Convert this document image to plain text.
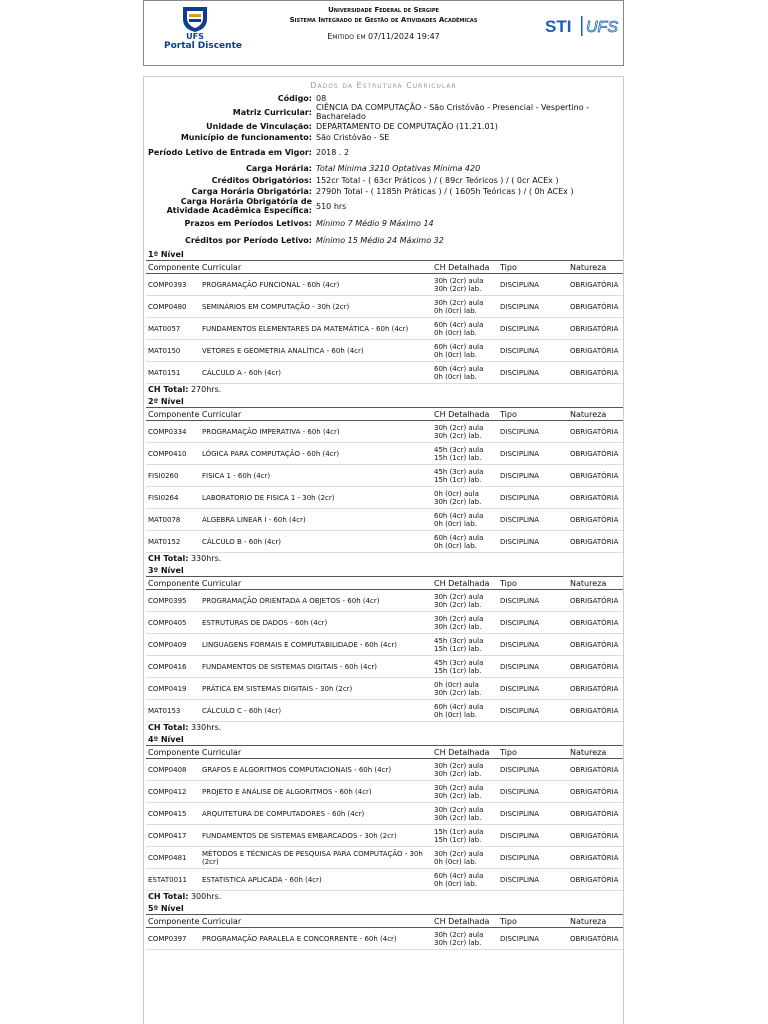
UFS
Portal Discente
Universidade Federal de Sergipe
Sistema Integrado de Gestão de Atividades Acadêmicas
Emitido em 07/11/2024 19:47
STI UFS
Dados da Estrutura Curricular
Código:	08
Matriz Curricular:	CIÊNCIA DA COMPUTAÇÃO - São Cristóvão - Presencial - Vespertino - Bacharelado
Unidade de Vinculação:	DEPARTAMENTO DE COMPUTAÇÃO (11.21.01)
Município de funcionamento:	São Cristóvão - SE
Período Letivo de Entrada em Vigor:	2018 . 2
Carga Horária:	Total Mínima 3210 Optativas Mínima 420
Créditos Obrigatórios:	152cr Total - ( 63cr Práticos ) / ( 89cr Teóricos ) / ( 0cr ACEx )
Carga Horária Obrigatória:	2790h Total - ( 1185h Práticas ) / ( 1605h Teóricas ) / ( 0h ACEx )
Carga Horária Obrigatória de Atividade Acadêmica Específica:	510 hrs
Prazos em Períodos Letivos:	Mínimo 7 Médio 9 Máximo 14
Créditos por Período Letivo:	Mínimo 15 Médio 24 Máximo 32
1º Nível
Componente Curricular		CH Detalhada	Tipo	Natureza
COMP0393	PROGRAMAÇÃO FUNCIONAL - 60h (4cr)	30h (2cr) aula
30h (2cr) lab.	DISCIPLINA	OBRIGATÓRIA
COMP0480	SEMINÁRIOS EM COMPUTAÇÃO - 30h (2cr)	30h (2cr) aula
0h (0cr) lab.	DISCIPLINA	OBRIGATÓRIA
MAT0057	FUNDAMENTOS ELEMENTARES DA MATEMÁTICA - 60h (4cr)	60h (4cr) aula
0h (0cr) lab.	DISCIPLINA	OBRIGATÓRIA
MAT0150	VETORES E GEOMETRIA ANALÍTICA - 60h (4cr)	60h (4cr) aula
0h (0cr) lab.	DISCIPLINA	OBRIGATÓRIA
MAT0151	CÁLCULO A - 60h (4cr)	60h (4cr) aula
0h (0cr) lab.	DISCIPLINA	OBRIGATÓRIA
CH Total: 270hrs.
2º Nível
Componente Curricular		CH Detalhada	Tipo	Natureza
COMP0334	PROGRAMAÇÃO IMPERATIVA - 60h (4cr)	30h (2cr) aula
30h (2cr) lab.	DISCIPLINA	OBRIGATÓRIA
COMP0410	LÓGICA PARA COMPUTAÇÃO - 60h (4cr)	45h (3cr) aula
15h (1cr) lab.	DISCIPLINA	OBRIGATÓRIA
FISI0260	FISICA 1 - 60h (4cr)	45h (3cr) aula
15h (1cr) lab.	DISCIPLINA	OBRIGATÓRIA
FISI0264	LABORATORIO DE FISICA 1 - 30h (2cr)	0h (0cr) aula
30h (2cr) lab.	DISCIPLINA	OBRIGATÓRIA
MAT0078	ÁLGEBRA LINEAR I - 60h (4cr)	60h (4cr) aula
0h (0cr) lab.	DISCIPLINA	OBRIGATÓRIA
MAT0152	CÁLCULO B - 60h (4cr)	60h (4cr) aula
0h (0cr) lab.	DISCIPLINA	OBRIGATÓRIA
CH Total: 330hrs.
3º Nível
Componente Curricular		CH Detalhada	Tipo	Natureza
COMP0395	PROGRAMAÇÃO ORIENTADA A OBJETOS - 60h (4cr)	30h (2cr) aula
30h (2cr) lab.	DISCIPLINA	OBRIGATÓRIA
COMP0405	ESTRUTURAS DE DADOS - 60h (4cr)	30h (2cr) aula
30h (2cr) lab.	DISCIPLINA	OBRIGATÓRIA
COMP0409	LINGUAGENS FORMAIS E COMPUTABILIDADE - 60h (4cr)	45h (3cr) aula
15h (1cr) lab.	DISCIPLINA	OBRIGATÓRIA
COMP0416	FUNDAMENTOS DE SISTEMAS DIGITAIS - 60h (4cr)	45h (3cr) aula
15h (1cr) lab.	DISCIPLINA	OBRIGATÓRIA
COMP0419	PRÁTICA EM SISTEMAS DIGITAIS - 30h (2cr)	0h (0cr) aula
30h (2cr) lab.	DISCIPLINA	OBRIGATÓRIA
MAT0153	CÁLCULO C - 60h (4cr)	60h (4cr) aula
0h (0cr) lab.	DISCIPLINA	OBRIGATÓRIA
CH Total: 330hrs.
4º Nível
Componente Curricular		CH Detalhada	Tipo	Natureza
COMP0408	GRAFOS E ALGORITMOS COMPUTACIONAIS - 60h (4cr)	30h (2cr) aula
30h (2cr) lab.	DISCIPLINA	OBRIGATÓRIA
COMP0412	PROJETO E ANÁLISE DE ALGORITMOS - 60h (4cr)	30h (2cr) aula
30h (2cr) lab.	DISCIPLINA	OBRIGATÓRIA
COMP0415	ARQUITETURA DE COMPUTADORES - 60h (4cr)	30h (2cr) aula
30h (2cr) lab.	DISCIPLINA	OBRIGATÓRIA
COMP0417	FUNDAMENTOS DE SISTEMAS EMBARCADOS - 30h (2cr)	15h (1cr) aula
15h (1cr) lab.	DISCIPLINA	OBRIGATÓRIA
COMP0481	MÉTODOS E TÉCNICAS DE PESQUISA PARA COMPUTAÇÃO - 30h (2cr)	30h (2cr) aula
0h (0cr) lab.	DISCIPLINA	OBRIGATÓRIA
ESTAT0011	ESTATISTICA APLICADA - 60h (4cr)	60h (4cr) aula
0h (0cr) lab.	DISCIPLINA	OBRIGATÓRIA
CH Total: 300hrs.
5º Nível
Componente Curricular		CH Detalhada	Tipo	Natureza
COMP0397	PROGRAMAÇÃO PARALELA E CONCORRENTE - 60h (4cr)	30h (2cr) aula
30h (2cr) lab.	DISCIPLINA	OBRIGATÓRIA
